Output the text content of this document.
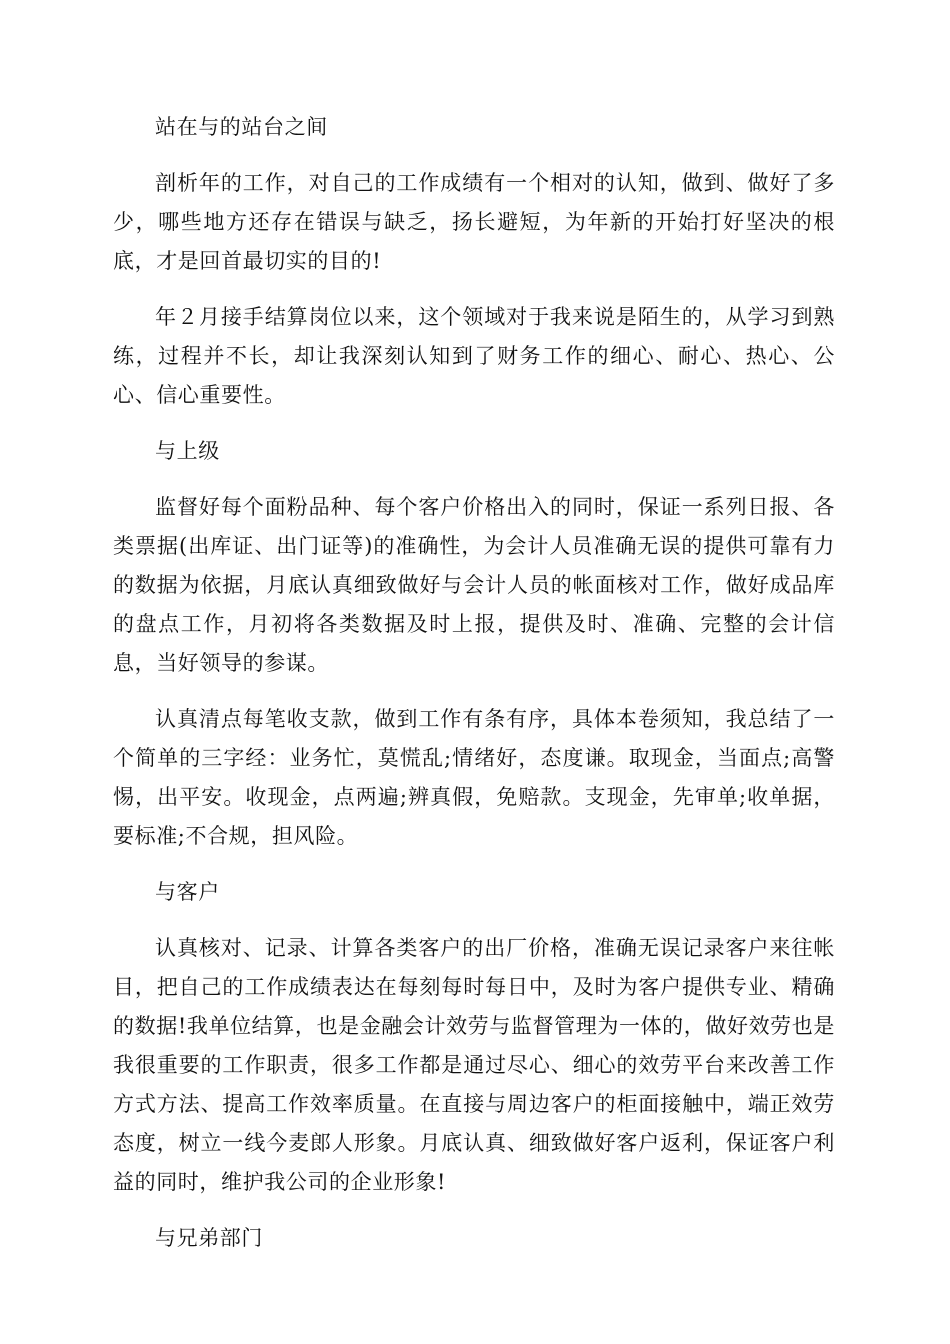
站在与的站台之间

剖析年的工作，对自己的工作成绩有一个相对的认知，做到、做好了多少，哪些地方还存在错误与缺乏，扬长避短，为年新的开始打好坚决的根底，才是回首最切实的目的!

年２月接手结算岗位以来，这个领域对于我来说是陌生的，从学习到熟练，过程并不长，却让我深刻认知到了财务工作的细心、耐心、热心、公心、信心重要性。

与上级

监督好每个面粉品种、每个客户价格出入的同时，保证一系列日报、各类票据(出库证、出门证等)的准确性，为会计人员准确无误的提供可靠有力的数据为依据，月底认真细致做好与会计人员的帐面核对工作，做好成品库的盘点工作，月初将各类数据及时上报，提供及时、准确、完整的会计信息，当好领导的参谋。

认真清点每笔收支款，做到工作有条有序，具体本卷须知，我总结了一个简单的三字经：业务忙，莫慌乱;情绪好，态度谦。取现金，当面点;高警惕，出平安。收现金，点两遍;辨真假，免赔款。支现金，先审单;收单据，要标准;不合规，担风险。

与客户

认真核对、记录、计算各类客户的出厂价格，准确无误记录客户来往帐目，把自己的工作成绩表达在每刻每时每日中，及时为客户提供专业、精确的数据!我单位结算，也是金融会计效劳与监督管理为一体的，做好效劳也是我很重要的工作职责，很多工作都是通过尽心、细心的效劳平台来改善工作方式方法、提高工作效率质量。在直接与周边客户的柜面接触中，端正效劳态度，树立一线今麦郎人形象。月底认真、细致做好客户返利，保证客户利益的同时，维护我公司的企业形象!

与兄弟部门
